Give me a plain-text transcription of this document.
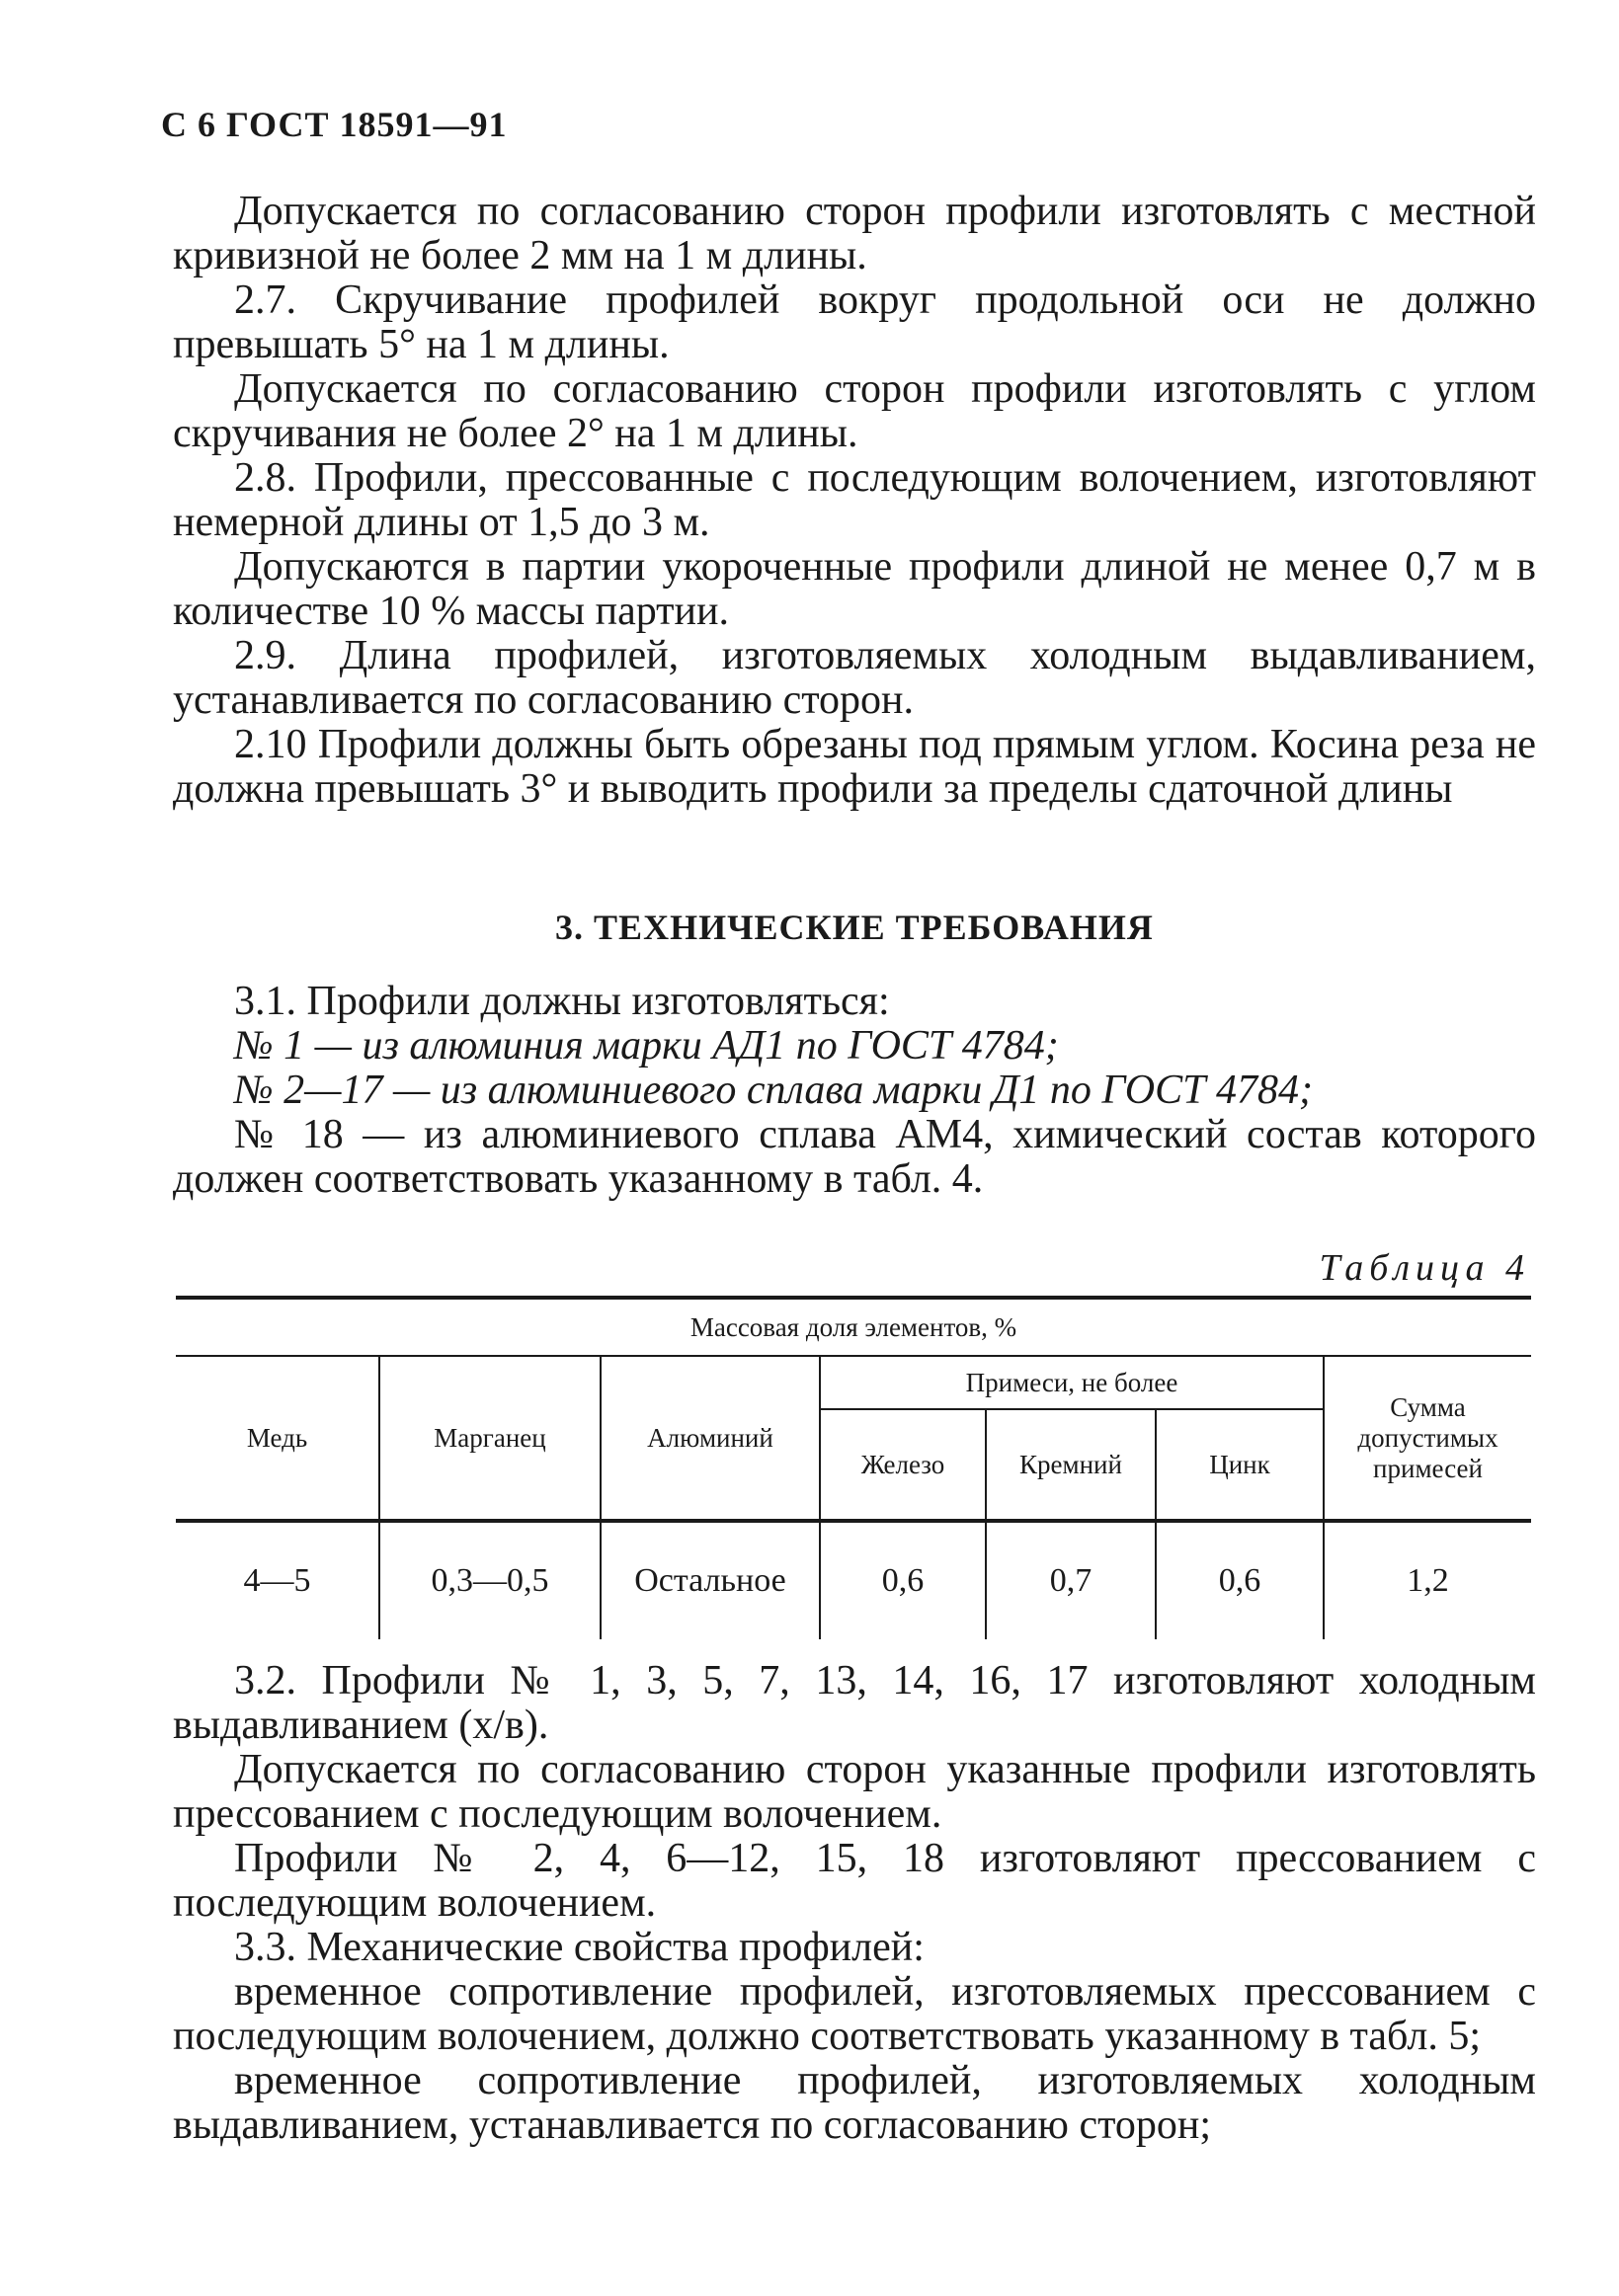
С 6 ГОСТ 18591—91

Допускается по согласованию сторон профили изготовлять с местной кривизной не более 2 мм на 1 м длины.

2.7. Скручивание профилей вокруг продольной оси не должно превышать 5° на 1 м длины.

Допускается по согласованию сторон профили изготовлять с углом скручивания не более 2° на 1 м длины.

2.8. Профили, прессованные с последующим волочением, изготовляют немерной длины от 1,5 до 3 м.

Допускаются в партии укороченные профили длиной не менее 0,7 м в количестве 10 % массы партии.

2.9. Длина профилей, изготовляемых холодным выдавливанием, устанавливается по согласованию сторон.

2.10 Профили должны быть обрезаны под прямым углом. Косина реза не должна превышать 3° и выводить профили за пределы сдаточной длины

3. ТЕХНИЧЕСКИЕ ТРЕБОВАНИЯ

3.1. Профили должны изготовляться:

№ 1 — из алюминия марки АД1 по ГОСТ 4784;

№ 2—17 — из алюминиевого сплава марки Д1 по ГОСТ 4784;

№ 18 — из алюминиевого сплава АМ4, химический состав которого должен соответствовать указанному в табл. 4.

Таблица 4
Массовая доля элементов, %						
Медь	Марганец	Алюминий	Примеси, не более			Сумма допустимых примесей
			Железо	Кремний	Цинк	
4—5	0,3—0,5	Остальное	0,6	0,7	0,6	1,2

3.2. Профили № 1, 3, 5, 7, 13, 14, 16, 17 изготовляют холодным выдавливанием (х/в).

Допускается по согласованию сторон указанные профили изготовлять прессованием с последующим волочением.

Профили № 2, 4, 6—12, 15, 18 изготовляют прессованием с последующим волочением.

3.3. Механические свойства профилей:

временное сопротивление профилей, изготовляемых прессованием с последующим волочением, должно соответствовать указанному в табл. 5;

временное сопротивление профилей, изготовляемых холодным выдавливанием, устанавливается по согласованию сторон;
